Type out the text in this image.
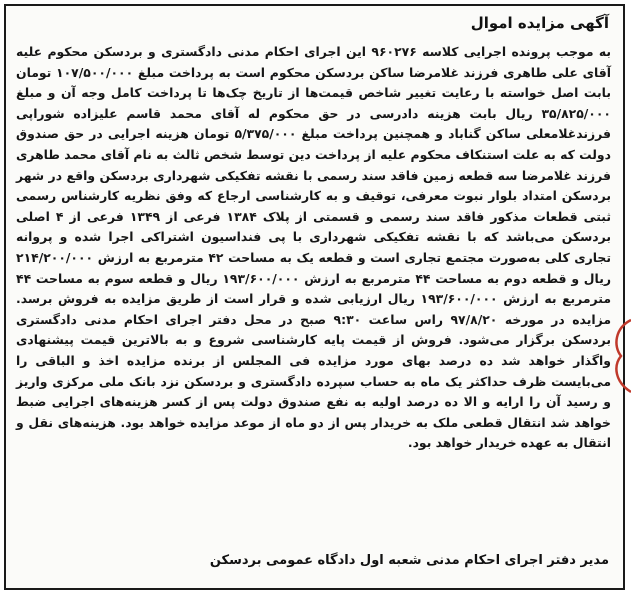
آگهی مزایده اموال
به موجب پرونده اجرایی کلاسه ۹۶۰۲۷۶ این اجرای احکام مدنی دادگستری و بردسکن محکوم علیه آقای علی طاهری فرزند غلامرضا ساکن بردسکن محکوم است به پرداخت مبلغ ۱۰۷/۵۰۰/۰۰۰ تومان بابت اصل خواسته با رعایت تغییر شاخص قیمت‌ها از تاریخ چک‌ها تا پرداخت کامل وجه آن و مبلغ ۳۵/۸۲۵/۰۰۰ ریال بابت هزینه دادرسی در حق محکوم له آقای محمد قاسم علیزاده شوراپی فرزندغلامعلی ساکن گناباد و همچنین پرداخت مبلغ ۵/۳۷۵/۰۰۰ تومان هزینه اجرایی در حق صندوق دولت که به علت استنکاف محکوم علیه از پرداخت دین توسط شخص ثالث به نام آقای محمد طاهری فرزند غلامرضا سه قطعه زمین فاقد سند رسمی با نقشه تفکیکی شهرداری بردسکن واقع در شهر بردسکن امتداد بلوار نبوت معرفی، توقیف و به کارشناسی ارجاع که وفق نظریه کارشناس رسمی ثبتی قطعات مذکور فاقد سند رسمی و قسمتی از پلاک ۱۳۸۴ فرعی از ۱۳۴۹ فرعی از ۴ اصلی بردسکن می‌باشد که با نقشه تفکیکی شهرداری با پی فنداسیون اشتراکی اجرا شده و پروانه تجاری کلی به‌صورت مجتمع تجاری است و قطعه یک به مساحت ۴۲ مترمربع به ارزش ۲۱۴/۲۰۰/۰۰۰ ریال و قطعه دوم به مساحت ۴۴ مترمربع به ارزش ۱۹۳/۶۰۰/۰۰۰ ریال و قطعه سوم به مساحت ۴۴ مترمربع به ارزش ۱۹۳/۶۰۰/۰۰۰ ریال ارزیابی شده و قرار است از طریق مزایده به فروش برسد. مزایده در مورخه ۹۷/۸/۲۰ راس ساعت ۹:۳۰ صبح در محل دفتر اجرای احکام مدنی دادگستری بردسکن برگزار می‌شود. فروش از قیمت پایه کارشناسی شروع و به بالاترین قیمت پیشنهادی واگذار خواهد شد ده درصد بهای مورد مزایده فی المجلس از برنده مزایده اخذ و الباقی را می‌بایست ظرف حداکثر یک ماه به حساب سپرده دادگستری و بردسکن نزد بانک ملی مرکزی واریز و رسید آن را ارایه و الا ده درصد اولیه به نفع صندوق دولت پس از کسر هزینه‌های اجرایی ضبط خواهد شد انتقال قطعی ملک به خریدار پس از دو ماه از موعد مزایده خواهد بود. هزینه‌های نقل و انتقال به عهده خریدار خواهد بود.
مدیر دفتر اجرای احکام مدنی شعبه اول دادگاه عمومی بردسکن
